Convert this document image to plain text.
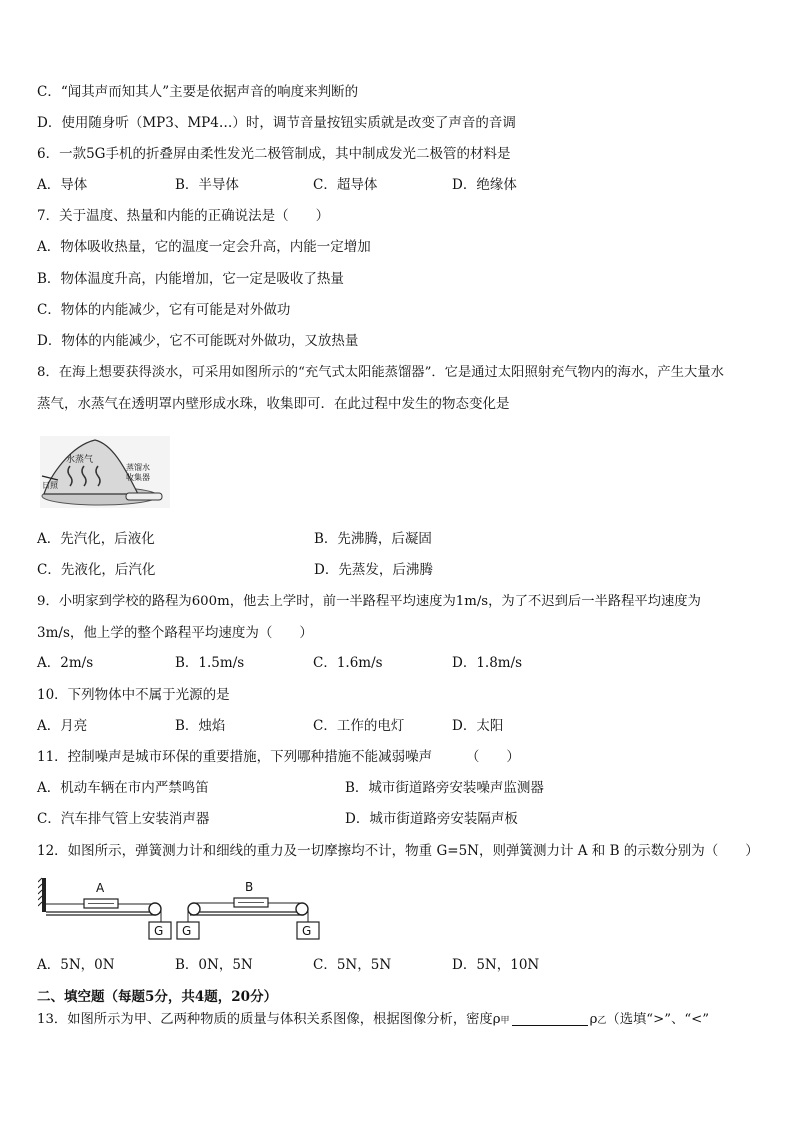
C．“闻其声而知其人”主要是依据声音的响度来判断的
D．使用随身听（MP3、MP4…）时，调节音量按钮实质就是改变了声音的音调
6．一款5G手机的折叠屏由柔性发光二极管制成，其中制成发光二极管的材料是
A．导体	B．半导体	C．超导体	D．绝缘体
7．关于温度、热量和内能的正确说法是（　　）
A．物体吸收热量，它的温度一定会升高，内能一定增加
B．物体温度升高，内能增加，它一定是吸收了热量
C．物体的内能减少，它有可能是对外做功
D．物体的内能减少，它不可能既对外做功，又放热量
8．在海上想要获得淡水，可采用如图所示的“充气式太阳能蒸馏器”．它是通过太阳照射充气物内的海水，产生大量水
蒸气，水蒸气在透明罩内壁形成水珠，收集即可．在此过程中发生的物态变化是
水蒸气
日照
蒸馏水
收集器
A．先汽化，后液化	B．先沸腾，后凝固
C．先液化，后汽化	D．先蒸发，后沸腾
9．小明家到学校的路程为600m，他去上学时，前一半路程平均速度为1m/s，为了不迟到后一半路程平均速度为
3m/s，他上学的整个路程平均速度为（　　）
A．2m/s	B．1.5m/s	C．1.6m/s	D．1.8m/s
10．下列物体中不属于光源的是
A．月亮	B．烛焰	C．工作的电灯	D．太阳
11．控制噪声是城市环保的重要措施，下列哪种措施不能减弱噪声　　　（　　）
A．机动车辆在市内严禁鸣笛	B．城市街道路旁安装噪声监测器
C．汽车排气管上安装消声器	D．城市街道路旁安装隔声板
12．如图所示，弹簧测力计和细线的重力及一切摩擦均不计，物重 G=5N，则弹簧测力计 A 和 B 的示数分别为（　　）
A
G
B
G	G
A．5N，0N	B．0N，5N	C．5N，5N	D．5N，10N
二、填空题（每题5分，共4题，20分）
13．如图所示为甲、乙两种物质的质量与体积关系图像，根据图像分析，密度ρ甲	ρ乙（选填“>”、“<”
